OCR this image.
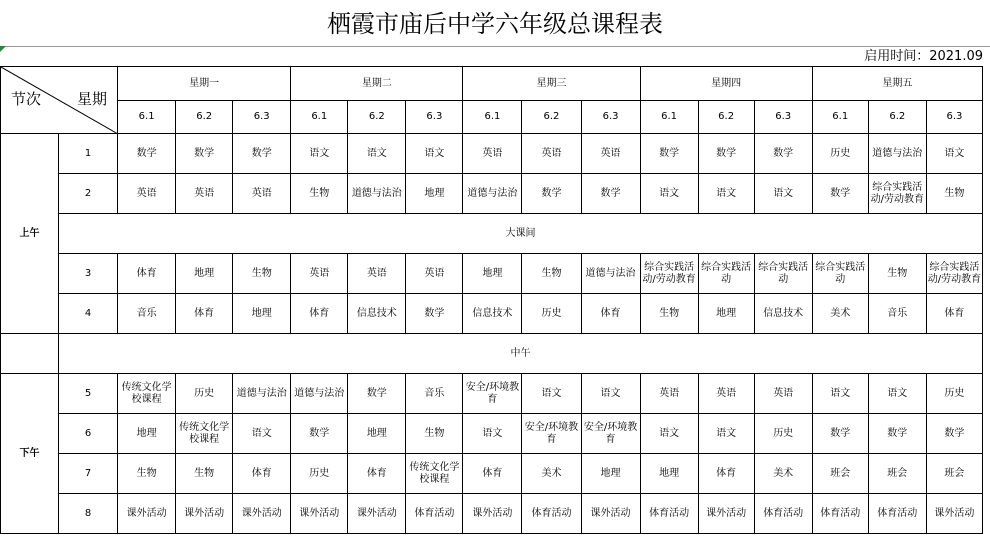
栖霞市庙后中学六年级总课程表
启用时间：2021.09
节次 星期		星期一			星期二			星期三			星期四			星期五		
		6.1	6.2	6.3	6.1	6.2	6.3	6.1	6.2	6.3	6.1	6.2	6.3	6.1	6.2	6.3
上午	1	数学	数学	数学	语文	语文	语文	英语	英语	英语	数学	数学	数学	历史	道德与法治	语文
	2	英语	英语	英语	生物	道德与法治	地理	道德与法治	数学	数学	语文	语文	语文	数学	综合实践活动/劳动教育	生物
	大课间															
	3	体育	地理	生物	英语	英语	英语	地理	生物	道德与法治	综合实践活动/劳动教育	综合实践活动	综合实践活动	综合实践活动	生物	综合实践活动/劳动教育
	4	音乐	体育	地理	体育	信息技术	数学	信息技术	历史	体育	生物	地理	信息技术	美术	音乐	体育
	中午															
下午	5	传统文化学校课程	历史	道德与法治	道德与法治	数学	音乐	安全/环境教育	语文	语文	英语	英语	英语	语文	语文	历史
	6	地理	传统文化学校课程	语文	数学	地理	生物	语文	安全/环境教育	安全/环境教育	语文	语文	历史	数学	数学	数学
	7	生物	生物	体育	历史	体育	传统文化学校课程	体育	美术	地理	地理	体育	美术	班会	班会	班会
	8	课外活动	课外活动	课外活动	课外活动	课外活动	体育活动	课外活动	体育活动	课外活动	体育活动	课外活动	体育活动	体育活动	体育活动	课外活动
